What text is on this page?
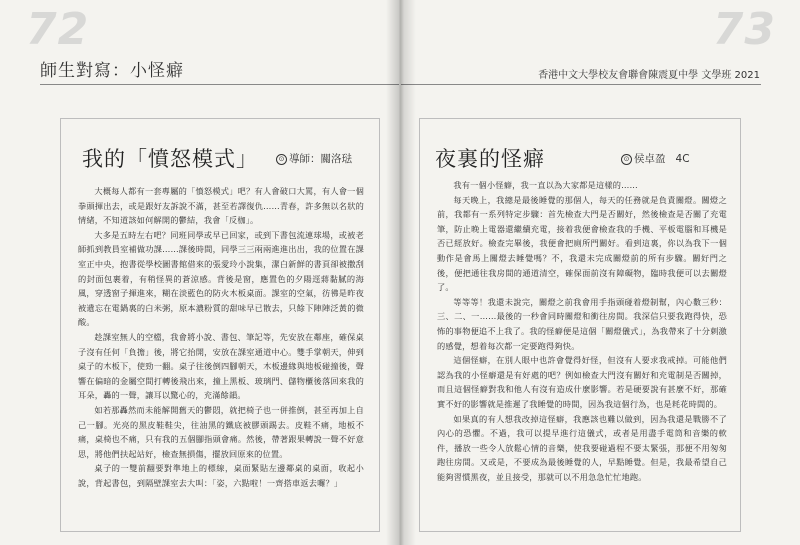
72
師生對寫：小怪癖
我的「憤怒模式」	⊙ 導師：關洛琺

大概每人都有一套專屬的「憤怒模式」吧？有人會破口大罵，有人會一個拳頭揮出去，或是跟好友訴說不滿，甚至若譯復仇……青春，許多無以名狀的情緒，不知道該如何解開的鬱結，我會「反枷」。

大多是五時左右吧？同班同學或早已回家，或到下書包流連球場，或被老師抓到教員室補做功課……課後時間，同學三三兩兩進進出出，我的位置在課室正中央，抱書從學校圖書館借來的張愛玲小說集，潔白新鮮的書頁卻被撒刮的封面包裹着，有稍怪異的蒼涼感。背後是窗，應置色的夕陽逕蔣黏膩的海風，穿透窗子揮進來，糊在淡藍色的防火木板桌面。課室的空氣，彷彿是昨夜被遺忘在電鍋裏的白米粥，原本濃粉質的甜味早已散去，只餘下陣陣泛黃的微酸。

趁課室無人的空檔，我會將小說、書包、筆記等，先安放在鄰座，確保桌子沒有任何「負擔」後，將它抬開，安放在課室通道中心。雙手掌朝天，伸到桌子的木板下，使勁一翻。桌子往後倒四腳朝天，木板邊緣與地板碰撞後，聲響在偏暗的金屬空間打轉後飛出來，撞上黑板、玻璃門、儲物櫃後落回來我的耳朵，轟的一聲，讓耳以驚心的，充滿餘韻。

如若那轟然而未能解開舊天的鬱悶，就把椅子也一併推倒，甚至再加上自己一腳。光亮的黑皮鞋鞋尖，往油黑的鐵底被膠頭踢去。皮鞋不痛，地板不痛，桌椅也不痛，只有我的五個腳指頭會痛。然後，帶著跟果轉說一聲不好意思，將他們扶起站好，檢查無損傷，擺放回原來的位置。

桌子的一雙前翻要對準地上的標線，桌面緊貼左邊鄰桌的桌面，收起小說，背起書包，到隔壁課室去大叫：「姿，六點啦！一齊搭車返去囉？」

73
香港中文大學校友會聯會陳震夏中學 文學班 2021
夜裏的怪癖	⊙ 侯卓盈 4C

我有一個小怪癖，我一直以為大家都是這樣的……

每天晚上，我總是最後睡覺的那個人，每天的任務就是負責關燈。關燈之前，我都有一系列特定步驟：首先檢查大門是否關好，然後檢查是否關了充電筆，防止晚上電器還繼續充電，接着我便會檢查我的手機、平板電腦和耳機是否已經放好。檢查完畢後，我便會把廁所門關好。看到這裏，你以為我下一個動作是會馬上關燈去睡覺嗎？不，我還未完成關燈前的所有步驟。關好門之後，便把通往我房間的通道清空，確保面前沒有障礙物，臨時我便可以去關燈了。

等等等！我還未說完，關燈之前我會用手指頭碰着燈制幫，內心數三秒：三、二、一……最後的一秒會同時關燈和衝往房間。我深信只要我跑得快，恐怖的事物便追不上我了。我的怪癖便是這個「關燈儀式」，為我帶來了十分刺激的感覺，想着每次都一定要跑得夠快。

這個怪癖，在別人眼中也許會覺得好怪，但沒有人要求我戒掉。可能他們認為我的小怪癖還是有好處的吧？例如檢查大門沒有關好和充電制是否關掉，而且這個怪癖對我和他人有沒有造成什麼影響。若是硬要說有甚麼不好，那確實不好的影響就是推遲了我睡覺的時間，因為我這個行為，也是耗花時間的。

如果真的有人想我改掉這怪癖，我應該也難以做到，因為我還是戰勝不了內心的恐懼。不過，我可以提早進行這儀式，或者是用盡手電筒和音樂的軟件，播放一些令人放鬆心情的音樂，使我要碰過程不要太緊張，那便不用匆匆跑往房間。又或是，不要成為最後睡覺的人，早點睡覺。但是，我最希望自己能夠習慣黑夜，並且接受，那就可以不用急急忙忙地跑。
